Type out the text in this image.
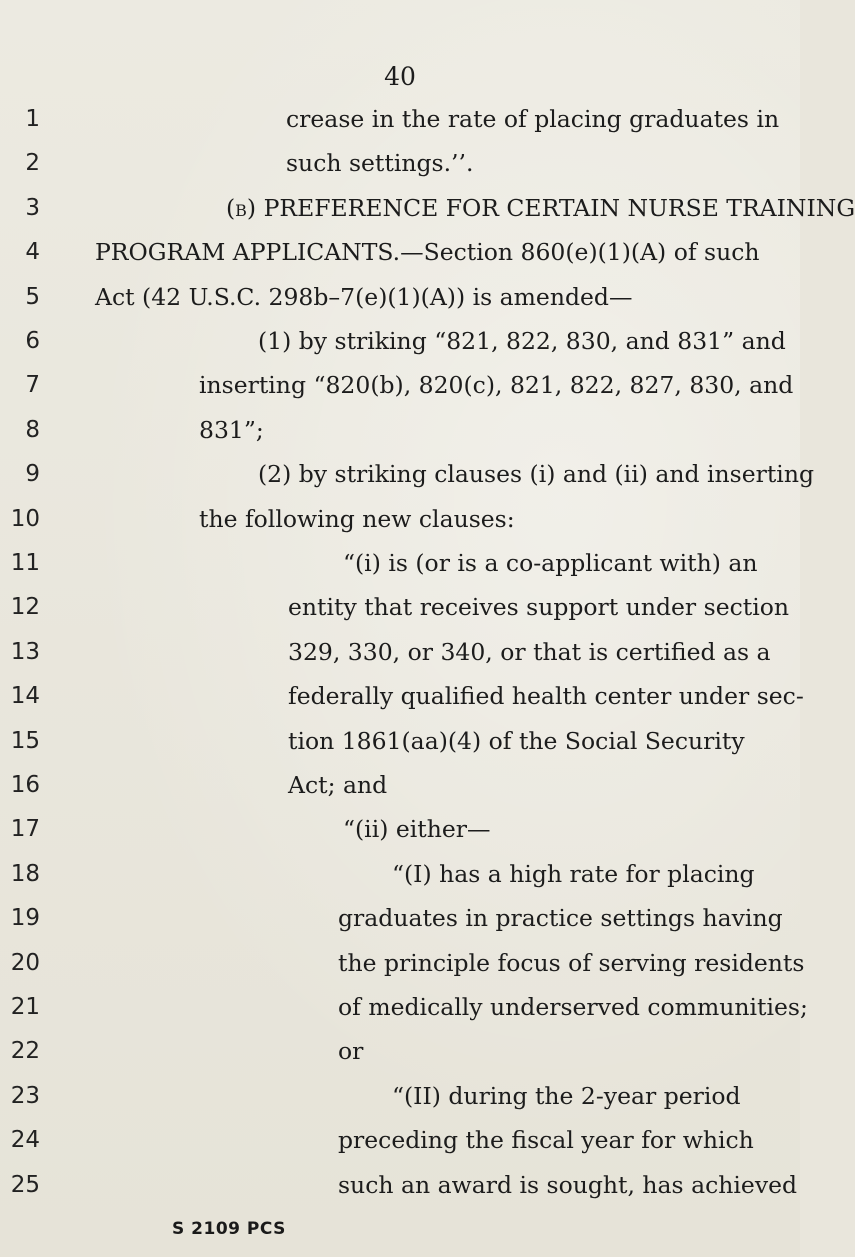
40
1
2
3
4
5
6
7
8
9
10
11
12
13
14
15
16
17
18
19
20
21
22
23
24
25
crease in the rate of placing graduates in
such settings.’’.
(b) PREFERENCE FOR CERTAIN NURSE TRAINING
PROGRAM APPLICANTS.—Section 860(e)(1)(A) of such
Act (42 U.S.C. 298b–7(e)(1)(A)) is amended—
(1) by striking “821, 822, 830, and 831” and
inserting “820(b), 820(c), 821, 822, 827, 830, and
831”;
(2) by striking clauses (i) and (ii) and inserting
the following new clauses:
“(i) is (or is a co-applicant with) an
entity that receives support under section
329, 330, or 340, or that is certified as a
federally qualified health center under sec-
tion 1861(aa)(4) of the Social Security
Act; and
“(ii) either—
“(I) has a high rate for placing
graduates in practice settings having
the principle focus of serving residents
of medically underserved communities;
or
“(II) during the 2-year period
preceding the fiscal year for which
such an award is sought, has achieved
S 2109 PCS
